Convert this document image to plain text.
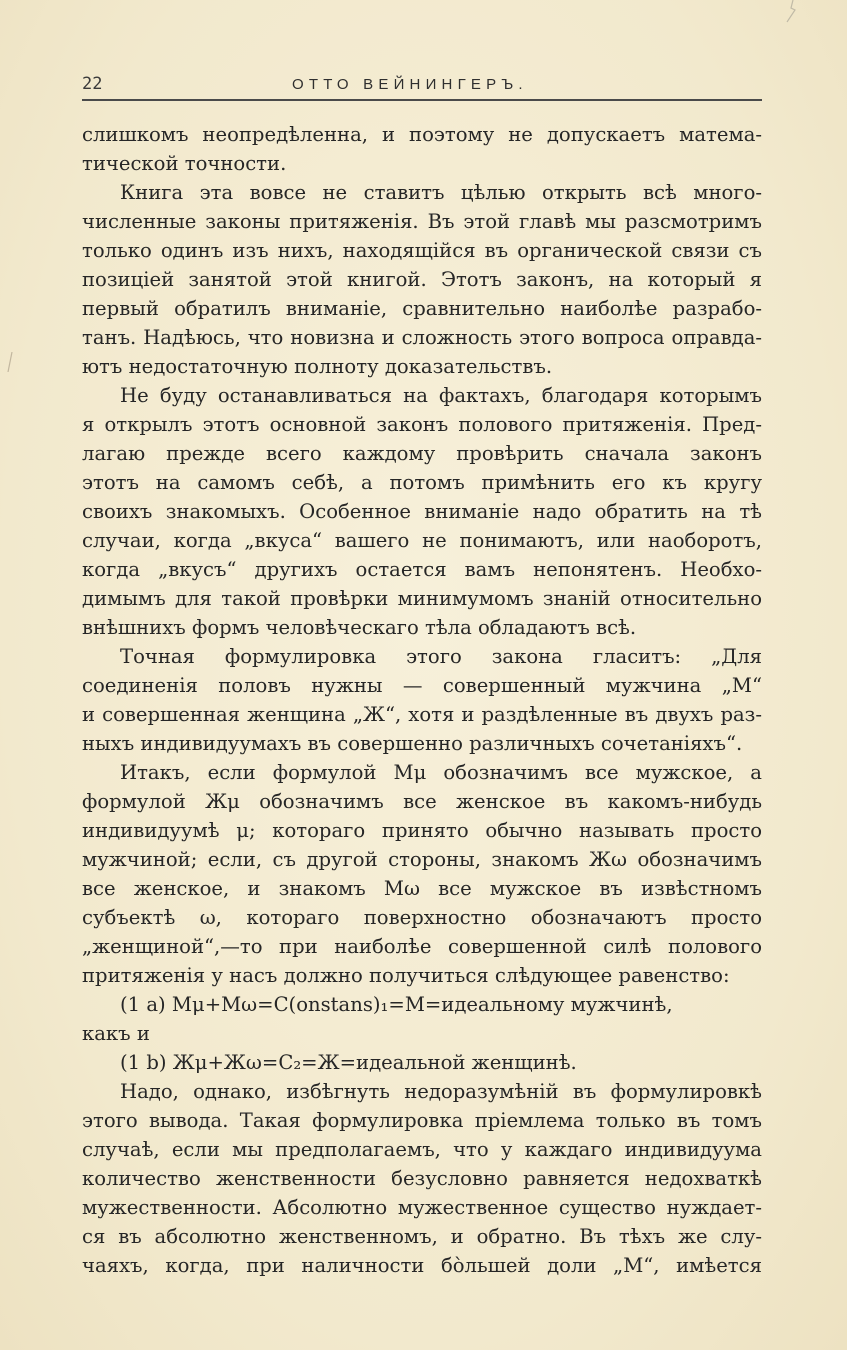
22	ОТТО ВЕЙНИНГЕРЪ.
слишкомъ неопредѣленна, и поэтому не допускаетъ матема-
тической точности.
Книга эта вовсе не ставитъ цѣлью открыть всѣ много-
численные законы притяженія. Въ этой главѣ мы разсмотримъ
только одинъ изъ нихъ, находящійся въ органической связи съ
позиціей занятой этой книгой. Этотъ законъ, на который я
первый обратилъ вниманіе, сравнительно наиболѣе разрабо-
танъ. Надѣюсь, что новизна и сложность этого вопроса оправда-
ютъ недостаточную полноту доказательствъ.
Не буду останавливаться на фактахъ, благодаря которымъ
я открылъ этотъ основной законъ полового притяженія. Пред-
лагаю прежде всего каждому провѣрить сначала законъ
этотъ на самомъ себѣ, а потомъ примѣнить его къ кругу
своихъ знакомыхъ. Особенное вниманіе надо обратить на тѣ
случаи, когда „вкуса“ вашего не понимаютъ, или наоборотъ,
когда „вкусъ“ другихъ остается вамъ непонятенъ. Необхо-
димымъ для такой провѣрки минимумомъ знаній относительно
внѣшнихъ формъ человѣческаго тѣла обладаютъ всѣ.
Точная формулировка этого закона гласитъ: „Для
соединенія половъ нужны — совершенный мужчина „М“
и совершенная женщина „Ж“, хотя и раздѣленные въ двухъ раз-
ныхъ индивидуумахъ въ совершенно различныхъ сочетаніяхъ“.
Итакъ, если формулой Мμ обозначимъ все мужское, а
формулой Жμ обозначимъ все женское въ какомъ-нибудь
индивидуумѣ μ; котораго принято обычно называть просто
мужчиной; если, съ другой стороны, знакомъ Жω обозначимъ
все женское, и знакомъ Мω все мужское въ извѣстномъ
субъектѣ ω, котораго поверхностно обозначаютъ просто
„женщиной“,—то при наиболѣе совершенной силѣ полового
притяженія у насъ должно получиться слѣдующее равенство:
(1 a) Мμ+Мω=C(onstans)₁=М=идеальному мужчинѣ,
какъ и
(1 b) Жμ+Жω=C₂=Ж=идеальной женщинѣ.
Надо, однако, избѣгнуть недоразумѣній въ формулировкѣ
этого вывода. Такая формулировка пріемлема только въ томъ
случаѣ, если мы предполагаемъ, что у каждаго индивидуума
количество женственности безусловно равняется недохваткѣ
мужественности. Абсолютно мужественное существо нуждает-
ся въ абсолютно женственномъ, и обратно. Въ тѣхъ же слу-
чаяхъ, когда, при наличности бо̀льшей доли „М“, имѣется
